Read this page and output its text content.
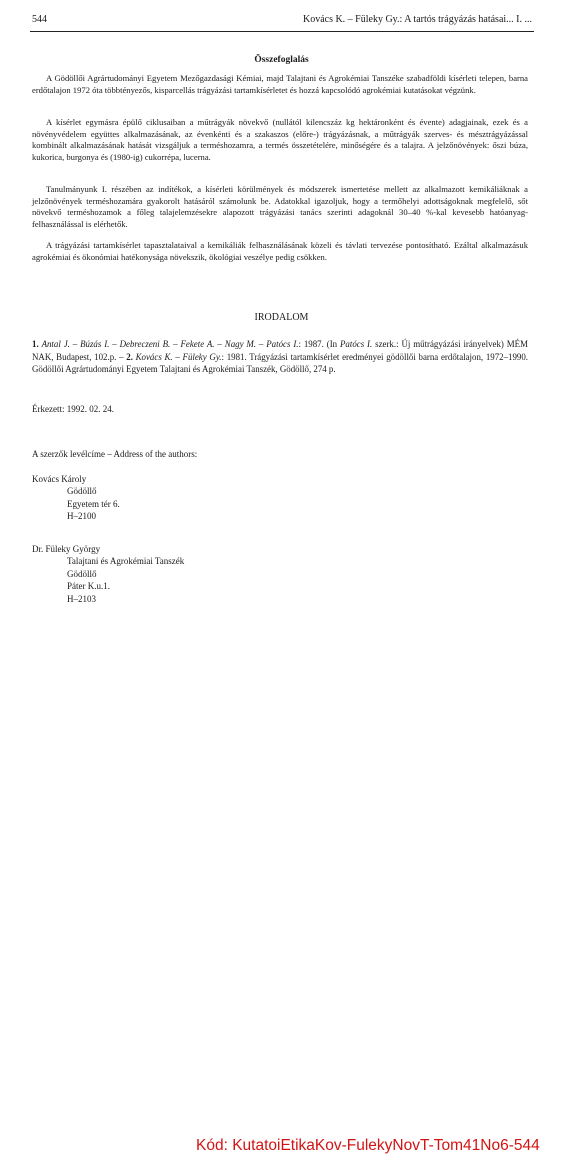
544	Kovács K. – Füleky Gy.: A tartós trágyázás hatásai... I. ...
Összefoglalás

A Gödöllői Agrártudományi Egyetem Mezőgazdasági Kémiai, majd Talajtani és Agrokémiai Tanszéke szabadföldi kísérleti telepen, barna erdőtalajon 1972 óta többtényezős, kisparcellás trágyázási tartamkísérletet és hozzá kapcsolódó agrokémiai kutatásokat végzünk.

A kísérlet egymásra épülő ciklusaiban a műtrágyák növekvő (nullától kilencszáz kg hektáronként és évente) adagjainak, ezek és a növényvédelem együttes alkalmazásának, az évenkénti és a szakaszos (előre-) trágyázásnak, a műtrágyák szerves- és mésztrágyázással kombinált alkalmazásának hatását vizsgáljuk a terméshozamra, a termés összetételére, minőségére és a talajra. A jelzőnövények: őszi búza, kukorica, burgonya és (1980-ig) cukorrépa, lucerna.

Tanulmányunk I. részében az indítékok, a kísérleti körülmények és módszerek ismertetése mellett az alkalmazott kemikáliáknak a jelzőnövények terméshozamára gyakorolt hatásáról számolunk be. Adatokkal igazoljuk, hogy a termőhelyi adottságoknak megfelelő, sőt növekvő terméshozamok a főleg talajelemzésekre alapozott trágyázási tanács szerinti adagoknál 30–40 %-kal kevesebb hatóanyag-felhasználással is elérhetők.

A trágyázási tartamkísérlet tapasztalataival a kemikáliák felhasználásának közeli és távlati tervezése pontosítható. Ezáltal alkalmazásuk agrokémiai és ökonómiai hatékonysága növekszik, ökológiai veszélye pedig csökken.

IRODALOM

1. Antal J. – Búzás I. – Debreczeni B. – Fekete A. – Nagy M. – Patócs I.: 1987. (In Patócs I. szerk.: Új műtrágyázási irányelvek) MÉM NAK, Budapest, 102.p. – 2. Kovács K. – Füleky Gy.: 1981. Trágyázási tartamkísérlet eredményei gödöllői barna erdőtalajon, 1972–1990. Gödöllői Agrártudományi Egyetem Talajtani és Agrokémiai Tanszék, Gödöllő, 274 p.

Érkezett: 1992. 02. 24.
A szerzők levélcíme – Address of the authors:
Kovács Károly
Gödöllő
Egyetem tér 6.
H–2100
Dr. Füleky György
Talajtani és Agrokémiai Tanszék
Gödöllő
Páter K.u.1.
H–2103
Kód: KutatoiEtikaKov-FulekyNovT-Tom41No6-544
